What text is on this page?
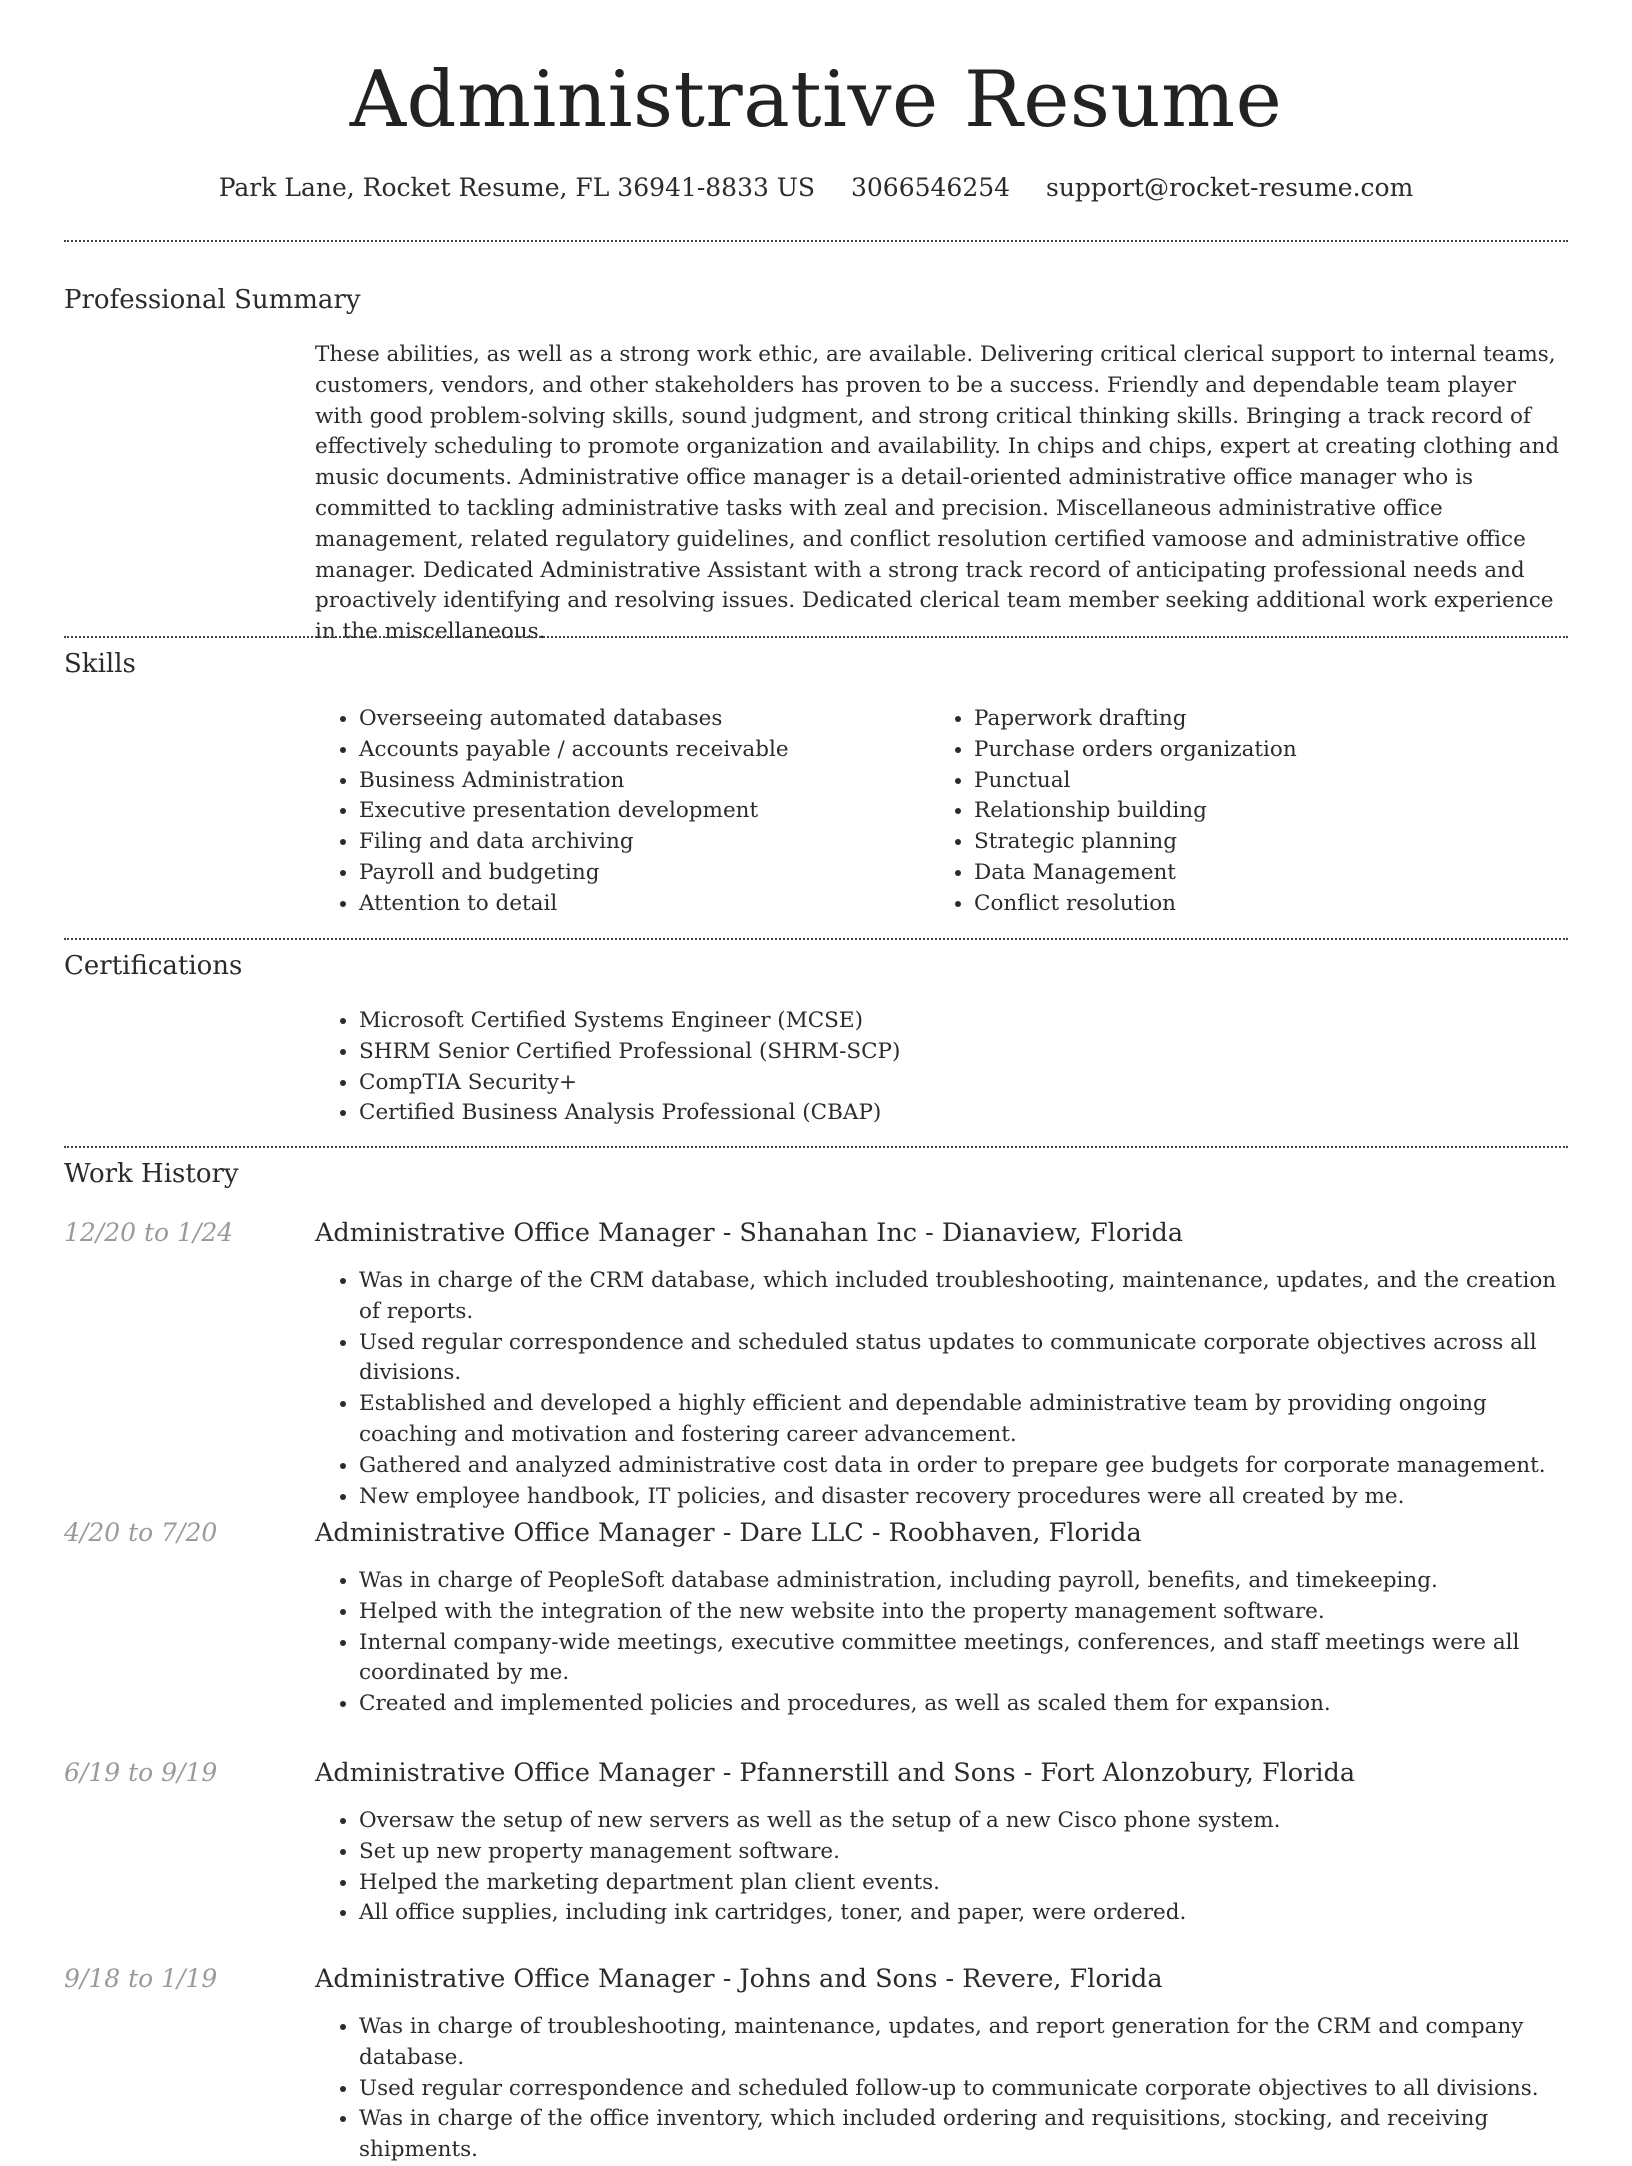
Administrative Resume
Park Lane, Rocket Resume, FL 36941-8833 US 3066546254 support@rocket-resume.com
Professional Summary

These abilities, as well as a strong work ethic, are available. Delivering critical clerical support to internal teams, customers, vendors, and other stakeholders has proven to be a success. Friendly and dependable team player with good problem-solving skills, sound judgment, and strong critical thinking skills. Bringing a track record of effectively scheduling to promote organization and availability. In chips and chips, expert at creating clothing and music documents. Administrative office manager is a detail-oriented administrative office manager who is committed to tackling administrative tasks with zeal and precision. Miscellaneous administrative office management, related regulatory guidelines, and conflict resolution certified vamoose and administrative office manager. Dedicated Administrative Assistant with a strong track record of anticipating professional needs and proactively identifying and resolving issues. Dedicated clerical team member seeking additional work experience in the miscellaneous.

Skills
• Overseeing automated databases
• Accounts payable / accounts receivable
• Business Administration
• Executive presentation development
• Filing and data archiving
• Payroll and budgeting
• Attention to detail
• Paperwork drafting
• Purchase orders organization
• Punctual
• Relationship building
• Strategic planning
• Data Management
• Conflict resolution
Certifications
• Microsoft Certified Systems Engineer (MCSE)
• SHRM Senior Certified Professional (SHRM-SCP)
• CompTIA Security+
• Certified Business Analysis Professional (CBAP)
Work History
12/20 to 1/24	Administrative Office Manager - Shanahan Inc - Dianaview, Florida
• Was in charge of the CRM database, which included troubleshooting, maintenance, updates, and the creation of reports.
• Used regular correspondence and scheduled status updates to communicate corporate objectives across all divisions.
• Established and developed a highly efficient and dependable administrative team by providing ongoing coaching and motivation and fostering career advancement.
• Gathered and analyzed administrative cost data in order to prepare gee budgets for corporate management.
• New employee handbook, IT policies, and disaster recovery procedures were all created by me.
4/20 to 7/20	Administrative Office Manager - Dare LLC - Roobhaven, Florida
• Was in charge of PeopleSoft database administration, including payroll, benefits, and timekeeping.
• Helped with the integration of the new website into the property management software.
• Internal company-wide meetings, executive committee meetings, conferences, and staff meetings were all coordinated by me.
• Created and implemented policies and procedures, as well as scaled them for expansion.
6/19 to 9/19	Administrative Office Manager - Pfannerstill and Sons - Fort Alonzobury, Florida
• Oversaw the setup of new servers as well as the setup of a new Cisco phone system.
• Set up new property management software.
• Helped the marketing department plan client events.
• All office supplies, including ink cartridges, toner, and paper, were ordered.
9/18 to 1/19	Administrative Office Manager - Johns and Sons - Revere, Florida
• Was in charge of troubleshooting, maintenance, updates, and report generation for the CRM and company database.
• Used regular correspondence and scheduled follow-up to communicate corporate objectives to all divisions.
• Was in charge of the office inventory, which included ordering and requisitions, stocking, and receiving shipments.
